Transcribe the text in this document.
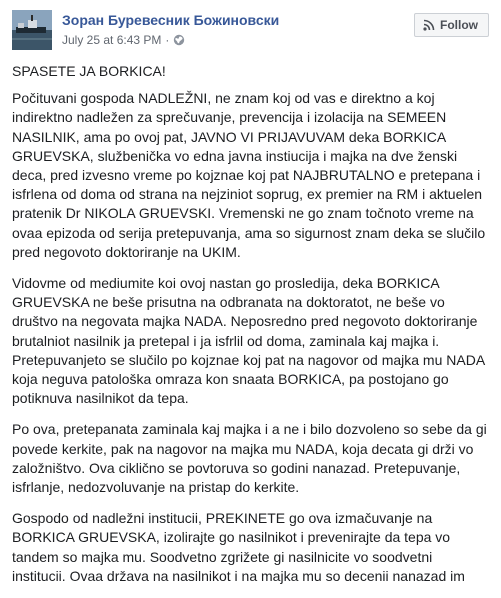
Зоран Буревесник Божиновски
July 25 at 6:43 PM ·
Follow

SPASETE JA BORKICA!

Počituvani gospoda NADLEŽNI, ne znam koj od vas e direktno a koj indirektno nadležen za sprečuvanje, prevencija i izolacija na SEMEEN NASILNIK, ama po ovoj pat, JAVNO VI PRIJAVUVAM deka BORKICA GRUEVSKA, službenička vo edna javna instiucija i majka na dve ženski deca, pred izvesno vreme po kojznae koj pat NAJBRUTALNO e pretepana i isfrlena od doma od strana na nejziniot soprug, ex premier na RM i aktuelen pratenik Dr NIKOLA GRUEVSKI. Vremenski ne go znam točnoto vreme na ovaa epizoda od serija pretepuvanja, ama so sigurnost znam deka se slučilo pred negovoto doktoriranje na UKIM.

Vidovme od mediumite koi ovoj nastan go prosledija, deka BORKICA GRUEVSKA ne beše prisutna na odbranata na doktoratot, ne beše vo društvo na negovata majka NADA. Neposredno pred negovoto doktoriranje brutalniot nasilnik ja pretepal i ja isfrlil od doma, zaminala kaj majka i. Pretepuvanjeto se slučilo po kojznae koj pat na nagovor od majka mu NADA koja neguva patološka omraza kon snaata BORKICA, pa postojano go potiknuva nasilnikot da tepa.

Po ova, pretepanata zaminala kaj majka i a ne i bilo dozvoleno so sebe da gi povede kerkite, pak na nagovor na majka mu NADA, koja decata gi drži vo založništvo. Ova ciklično se povtoruva so godini nanazad. Pretepuvanje, isfrlanje, nedozvoluvanje na pristap do kerkite.

Gospodo od nadležni institucii, PREKINETE go ova izmačuvanje na BORKICA GRUEVSKA, izolirajte go nasilnikot i prevenirajte da tepa vo tandem so majka mu. Soodvetno zgrižete gi nasilnicite vo soodvetni institucii. Ovaa država na nasilnikot i na majka mu so decenii nanazad im
